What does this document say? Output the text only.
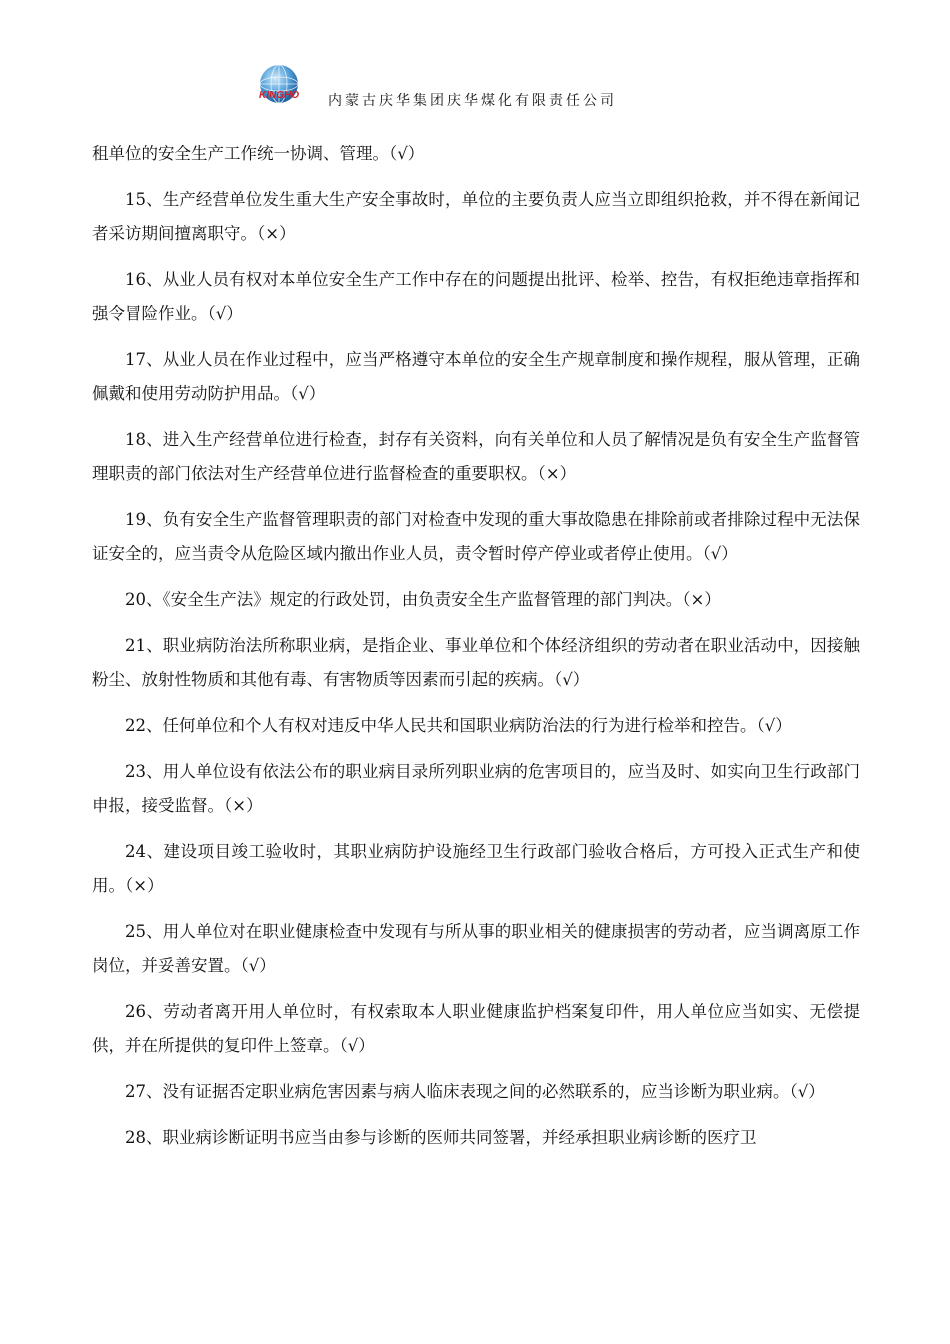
KINGHO 内蒙古庆华集团庆华煤化有限责任公司

租单位的安全生产工作统一协调、管理。（√）

15、生产经营单位发生重大生产安全事故时，单位的主要负责人应当立即组织抢救，并不得在新闻记者采访期间擅离职守。（×）

16、从业人员有权对本单位安全生产工作中存在的问题提出批评、检举、控告，有权拒绝违章指挥和强令冒险作业。（√）

17、从业人员在作业过程中，应当严格遵守本单位的安全生产规章制度和操作规程，服从管理，正确佩戴和使用劳动防护用品。（√）

18、进入生产经营单位进行检查，封存有关资料，向有关单位和人员了解情况是负有安全生产监督管理职责的部门依法对生产经营单位进行监督检查的重要职权。（×）

19、负有安全生产监督管理职责的部门对检查中发现的重大事故隐患在排除前或者排除过程中无法保证安全的，应当责令从危险区域内撤出作业人员，责令暂时停产停业或者停止使用。（√）

20、《安全生产法》规定的行政处罚，由负责安全生产监督管理的部门判决。（×）

21、职业病防治法所称职业病，是指企业、事业单位和个体经济组织的劳动者在职业活动中，因接触粉尘、放射性物质和其他有毒、有害物质等因素而引起的疾病。（√）

22、任何单位和个人有权对违反中华人民共和国职业病防治法的行为进行检举和控告。（√）

23、用人单位设有依法公布的职业病目录所列职业病的危害项目的，应当及时、如实向卫生行政部门申报，接受监督。（×）

24、建设项目竣工验收时，其职业病防护设施经卫生行政部门验收合格后，方可投入正式生产和使用。（×）

25、用人单位对在职业健康检查中发现有与所从事的职业相关的健康损害的劳动者，应当调离原工作岗位，并妥善安置。（√）

26、劳动者离开用人单位时，有权索取本人职业健康监护档案复印件，用人单位应当如实、无偿提供，并在所提供的复印件上签章。（√）

27、没有证据否定职业病危害因素与病人临床表现之间的必然联系的，应当诊断为职业病。（√）

28、职业病诊断证明书应当由参与诊断的医师共同签署，并经承担职业病诊断的医疗卫
